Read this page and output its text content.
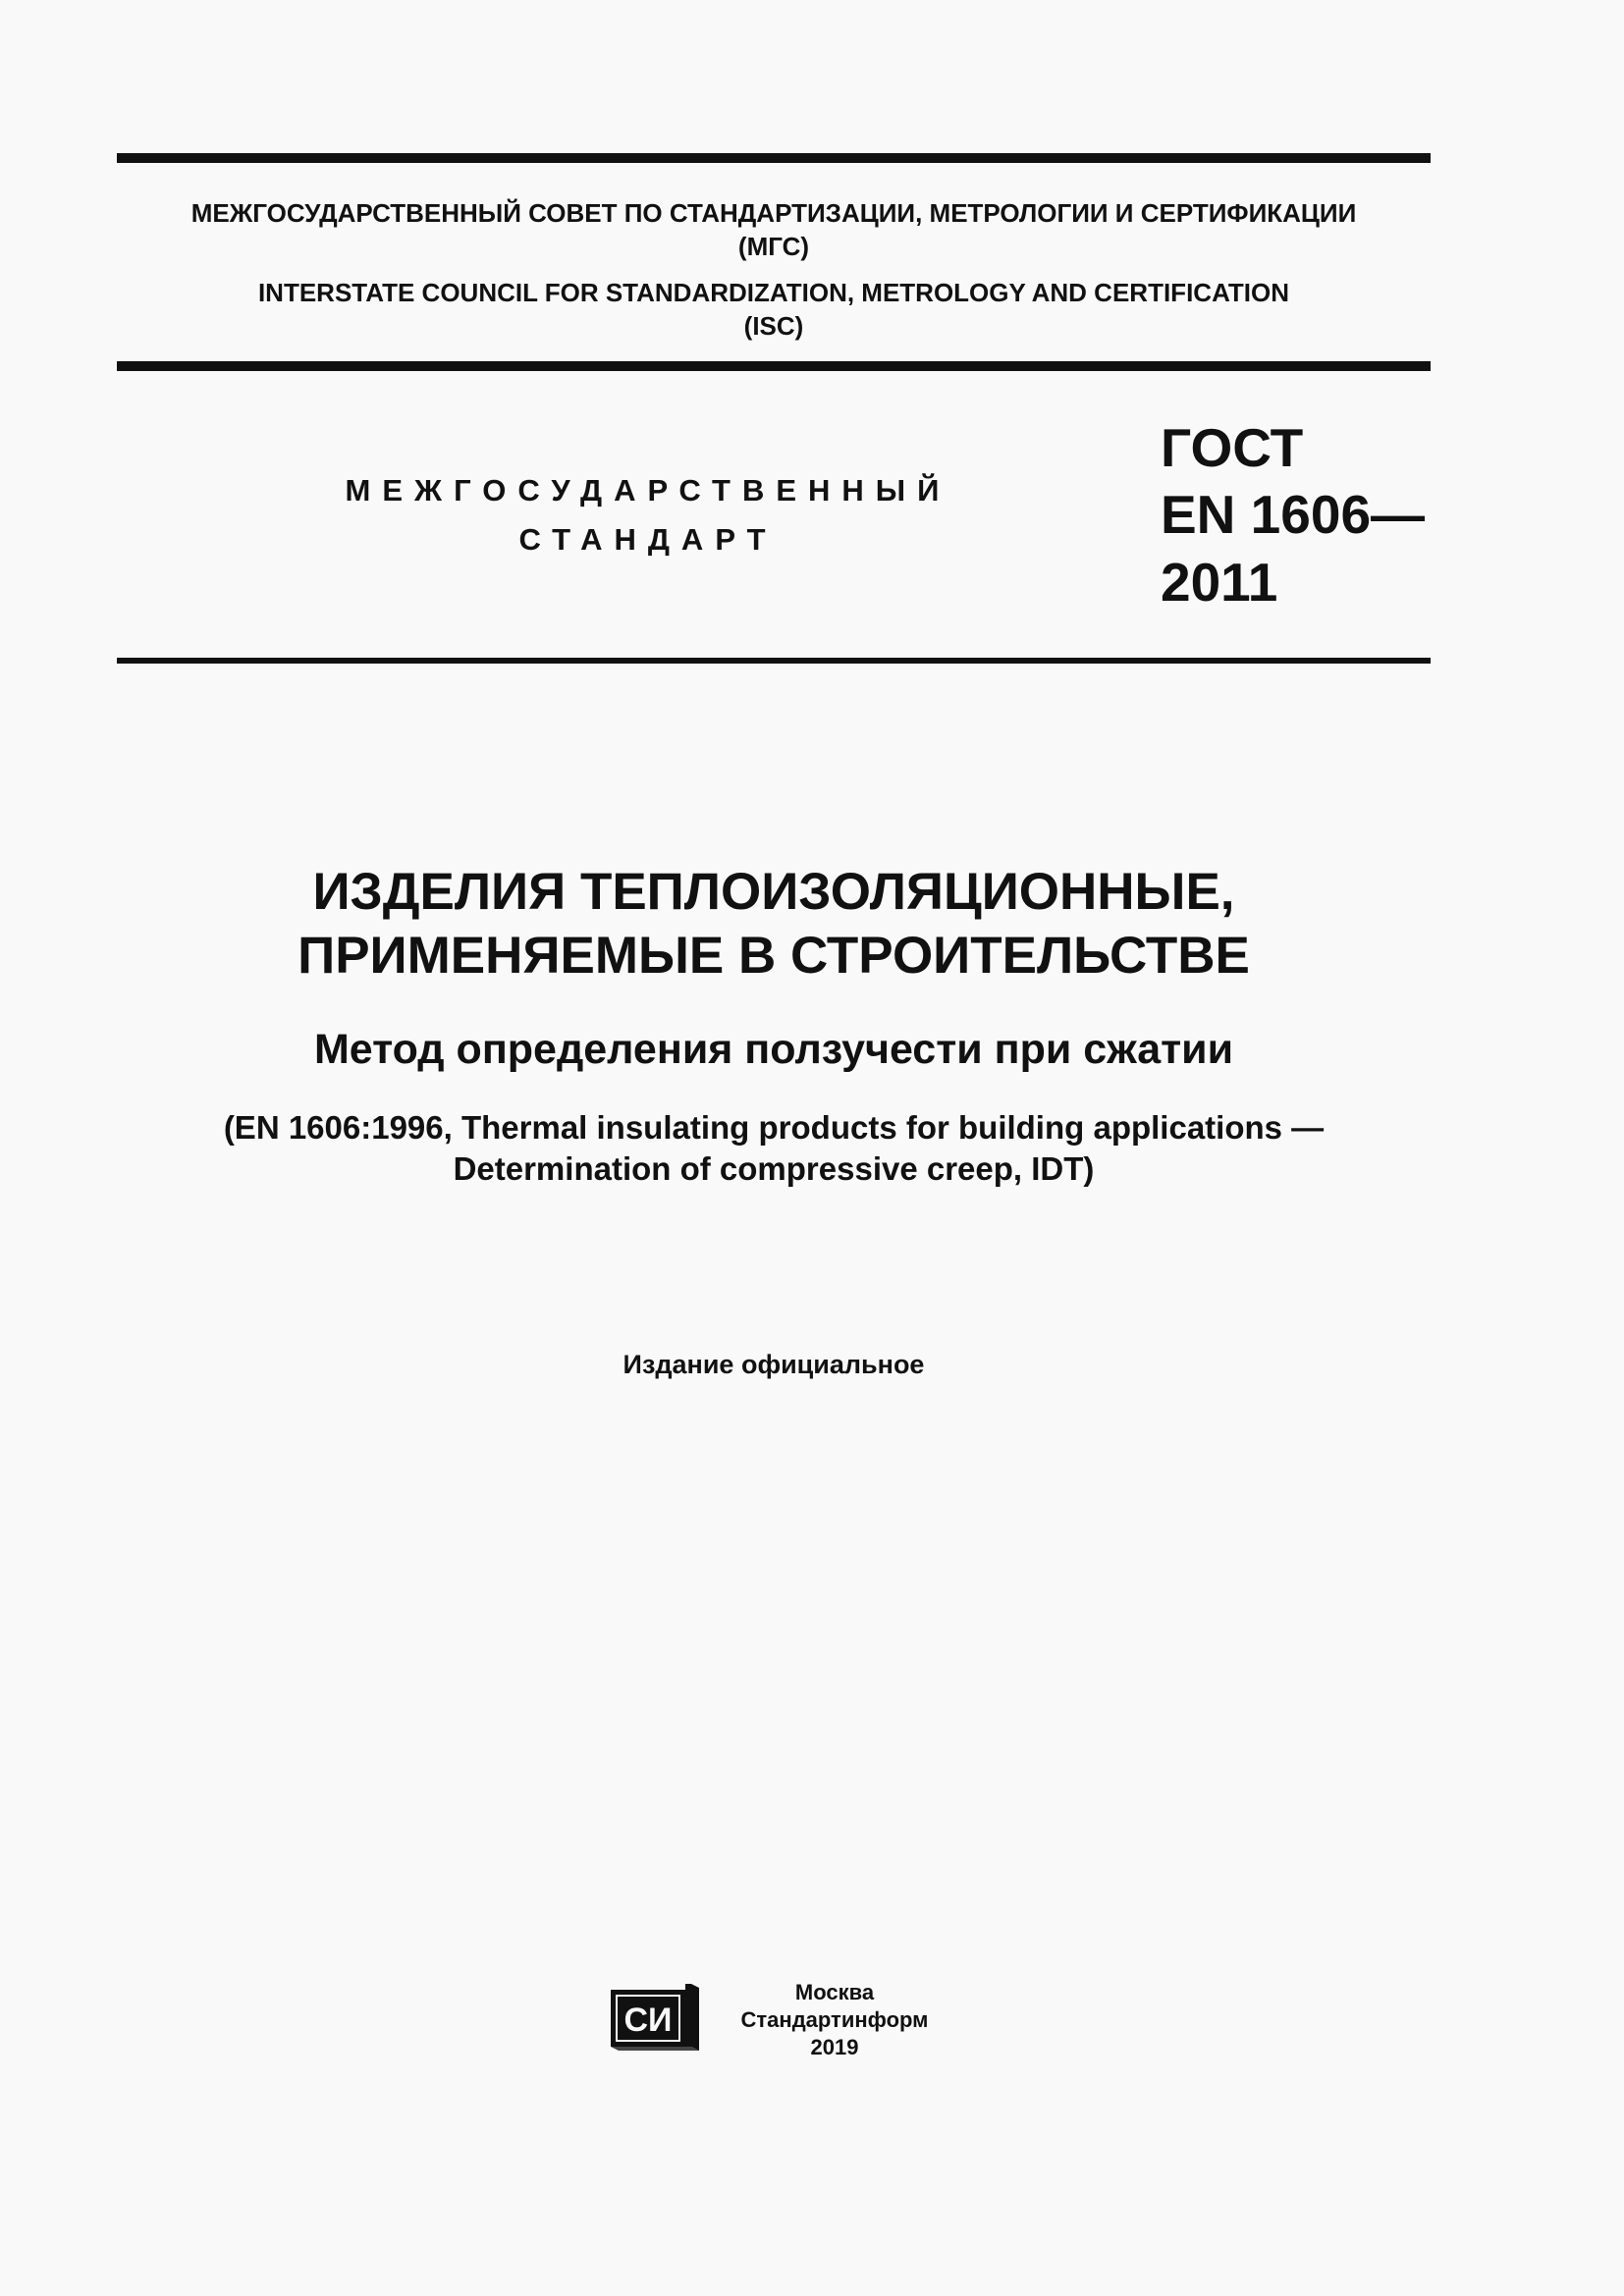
МЕЖГОСУДАРСТВЕННЫЙ СОВЕТ ПО СТАНДАРТИЗАЦИИ, МЕТРОЛОГИИ И СЕРТИФИКАЦИИ
(МГС)
INTERSTATE COUNCIL FOR STANDARDIZATION, METROLOGY AND CERTIFICATION
(ISC)
МЕЖГОСУДАРСТВЕННЫЙ
СТАНДАРТ
ГОСТ
EN 1606—
2011
ИЗДЕЛИЯ ТЕПЛОИЗОЛЯЦИОННЫЕ,
ПРИМЕНЯЕМЫЕ В СТРОИТЕЛЬСТВЕ
Метод определения ползучести при сжатии
(EN 1606:1996, Thermal insulating products for building applications —
Determination of compressive creep, IDT)
Издание официальное
СИ
Москва
Стандартинформ
2019
